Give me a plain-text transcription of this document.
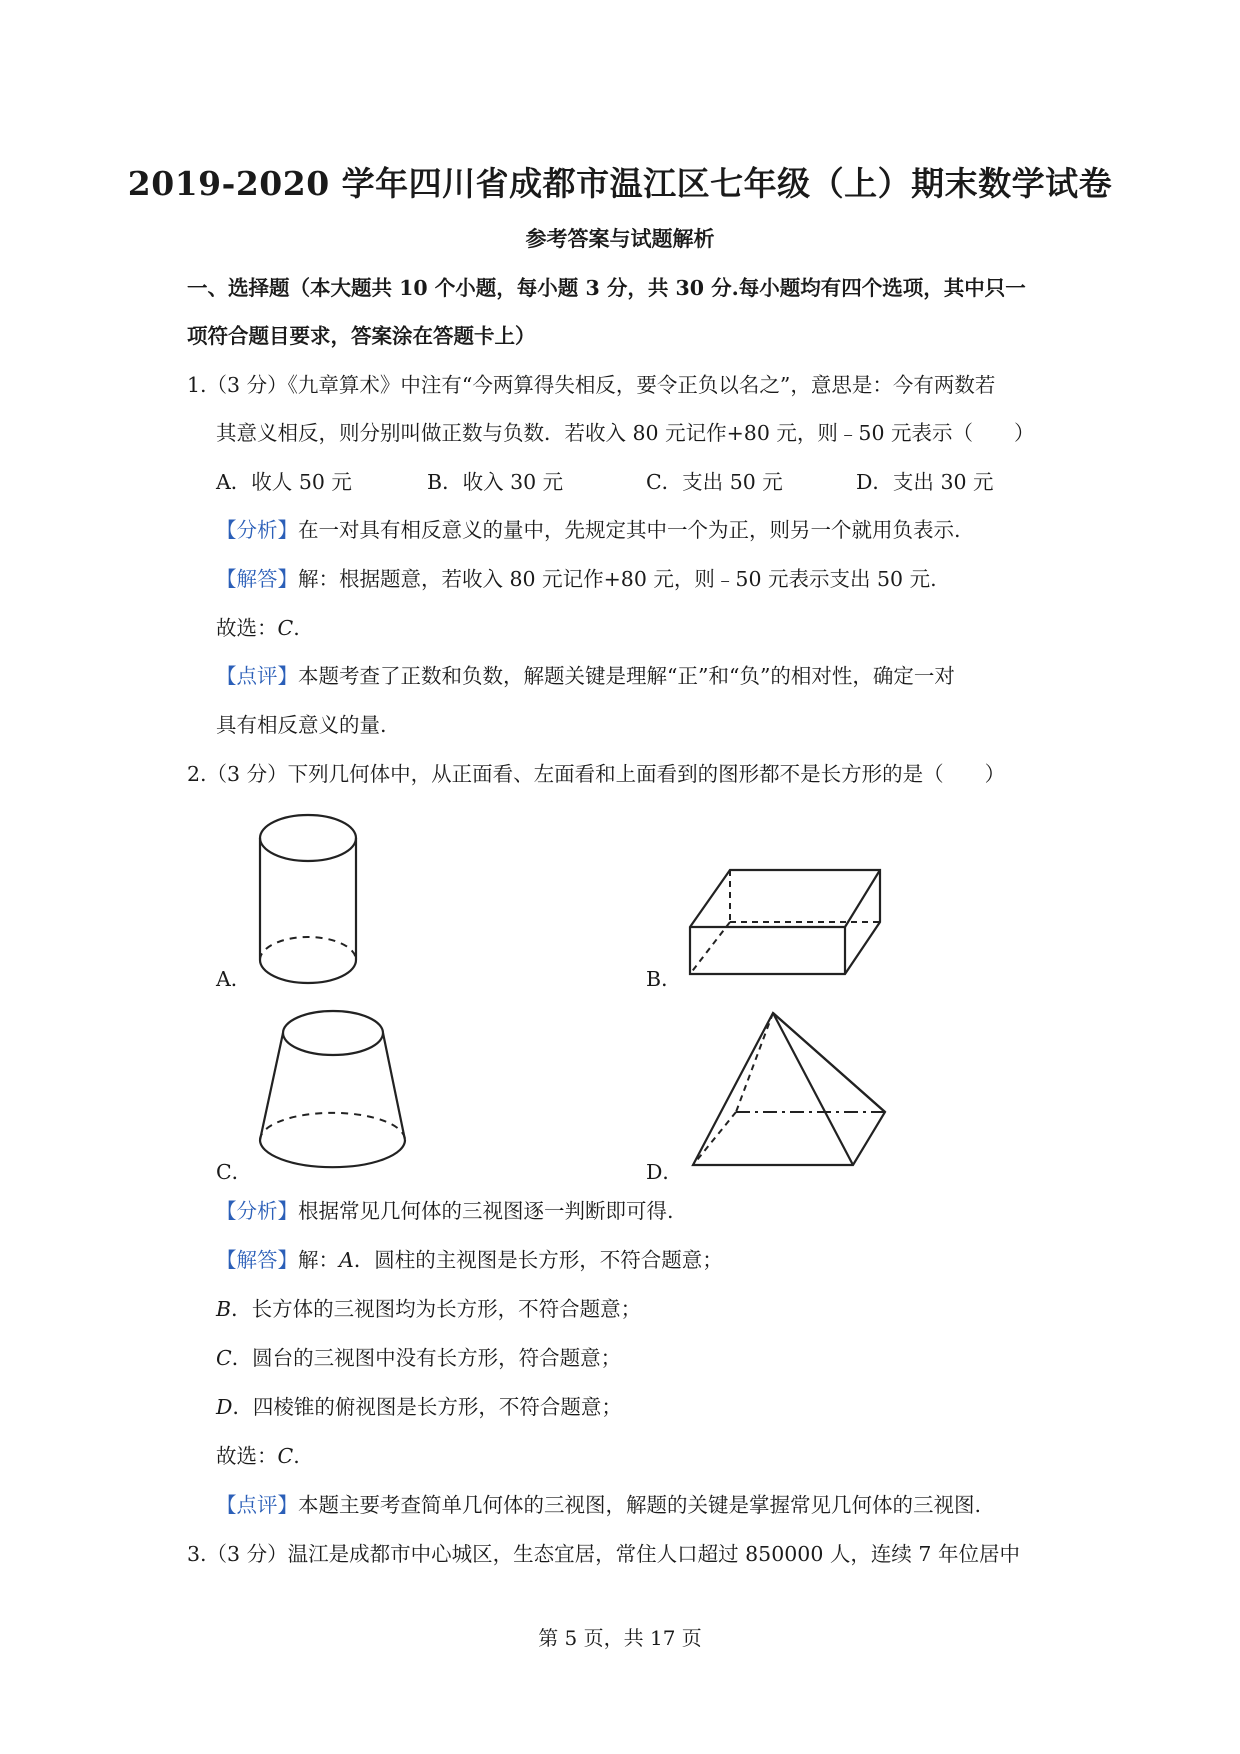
2019-2020 学年四川省成都市温江区七年级（上）期末数学试卷
参考答案与试题解析
一、选择题（本大题共 10 个小题，每小题 3 分，共 30 分.每小题均有四个选项，其中只一
项符合题目要求，答案涂在答题卡上）
1.（3 分）《九章算术》中注有“今两算得失相反，要令正负以名之”，意思是：今有两数若
其意义相反，则分别叫做正数与负数．若收入 80 元记作+80 元，则﹣50 元表示（　　）
A．收人 50 元	B．收入 30 元	C．支出 50 元	D．支出 30 元
【分析】在一对具有相反意义的量中，先规定其中一个为正，则另一个就用负表示.
【解答】解：根据题意，若收入 80 元记作+80 元，则﹣50 元表示支出 50 元.
故选：C.
【点评】本题考查了正数和负数，解题关键是理解“正”和“负”的相对性，确定一对
具有相反意义的量.
2.（3 分）下列几何体中，从正面看、左面看和上面看到的图形都不是长方形的是（　　）
A．	B．
C．	D．
【分析】根据常见几何体的三视图逐一判断即可得.
【解答】解：A．圆柱的主视图是长方形，不符合题意；
B．长方体的三视图均为长方形，不符合题意；
C．圆台的三视图中没有长方形，符合题意；
D．四棱锥的俯视图是长方形，不符合题意；
故选：C.
【点评】本题主要考查简单几何体的三视图，解题的关键是掌握常见几何体的三视图.
3.（3 分）温江是成都市中心城区，生态宜居，常住人口超过 850000 人，连续 7 年位居中
第 5 页，共 17 页
